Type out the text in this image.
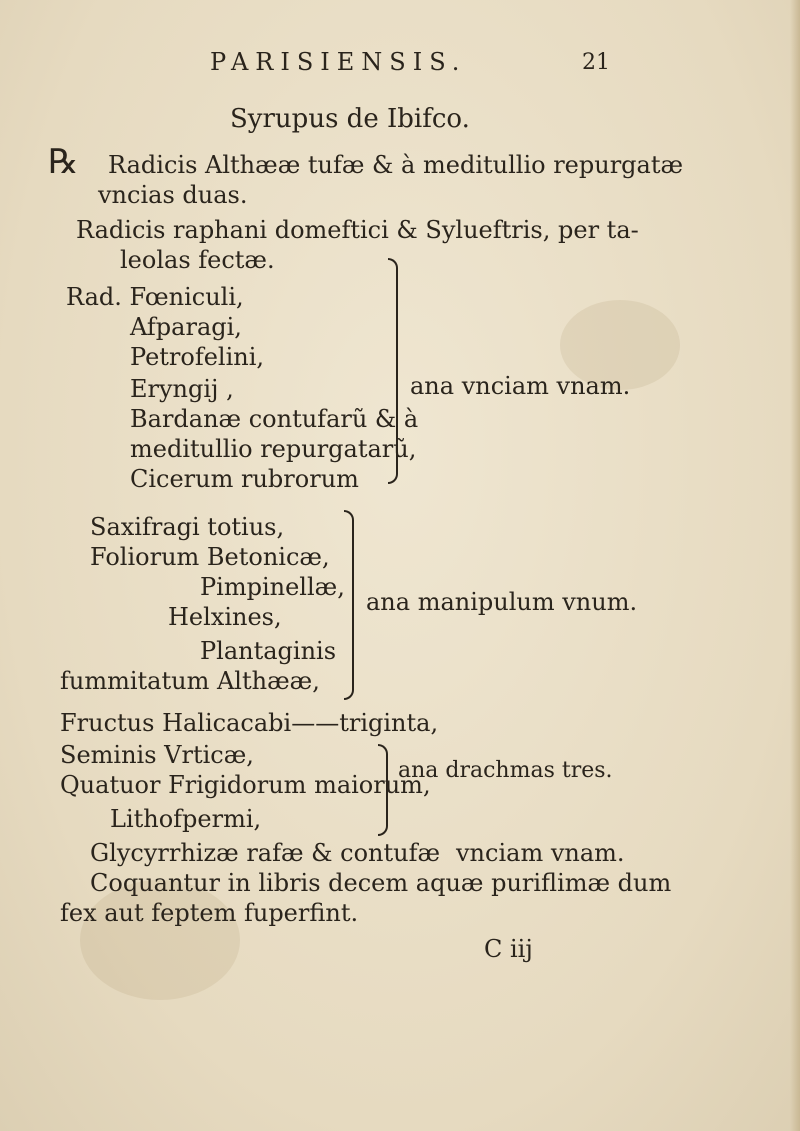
PARISIENSIS.	21
Syrupus de Ibifco.
℞ Radicis Althææ tufæ & à meditullio repurgatæ
vncias duas.
Radicis raphani domeftici & Sylueftris, per ta-
leolas fectæ.
Rad. Fœniculi,
Afparagi,
Petrofelini,
Eryngij ,
Bardanæ contufarũ & à
meditullio repurgatarũ,
Cicerum rubrorum
ana vnciam vnam.
Saxifragi totius,
Foliorum Betonicæ,
Pimpinellæ,
Helxines,
Plantaginis
fummitatum Althææ,
ana manipulum vnum.
Fructus Halicacabi——triginta,
Seminis Vrticæ,
Quatuor Frigidorum maiorum,
Lithofpermi,
ana drachmas tres.
Glycyrrhizæ rafæ & contufæ vnciam vnam.
Coquantur in libris decem aquæ puriflimæ dum
fex aut feptem fuperfint.
C iij
